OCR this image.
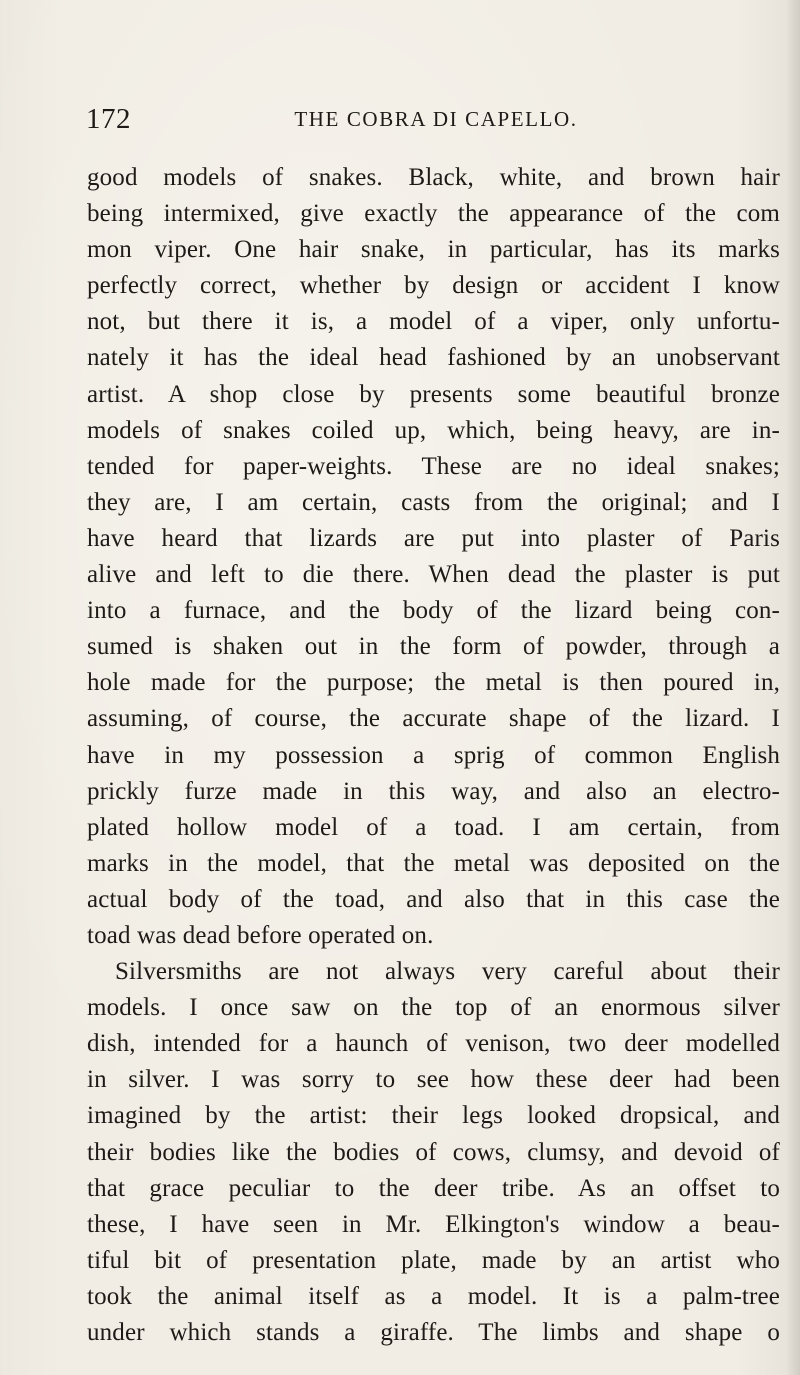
172	THE COBRA DI CAPELLO.
good models of snakes. Black, white, and brown hair
being intermixed, give exactly the appearance of the com
mon viper. One hair snake, in particular, has its marks
perfectly correct, whether by design or accident I know
not, but there it is, a model of a viper, only unfortu-
nately it has the ideal head fashioned by an unobservant
artist. A shop close by presents some beautiful bronze
models of snakes coiled up, which, being heavy, are in-
tended for paper-weights. These are no ideal snakes;
they are, I am certain, casts from the original; and I
have heard that lizards are put into plaster of Paris
alive and left to die there. When dead the plaster is put
into a furnace, and the body of the lizard being con-
sumed is shaken out in the form of powder, through a
hole made for the purpose; the metal is then poured in,
assuming, of course, the accurate shape of the lizard. I
have in my possession a sprig of common English
prickly furze made in this way, and also an electro-
plated hollow model of a toad. I am certain, from
marks in the model, that the metal was deposited on the
actual body of the toad, and also that in this case the
toad was dead before operated on.
Silversmiths are not always very careful about their
models. I once saw on the top of an enormous silver
dish, intended for a haunch of venison, two deer modelled
in silver. I was sorry to see how these deer had been
imagined by the artist: their legs looked dropsical, and
their bodies like the bodies of cows, clumsy, and devoid of
that grace peculiar to the deer tribe. As an offset to
these, I have seen in Mr. Elkington's window a beau-
tiful bit of presentation plate, made by an artist who
took the animal itself as a model. It is a palm-tree
under which stands a giraffe. The limbs and shape o
